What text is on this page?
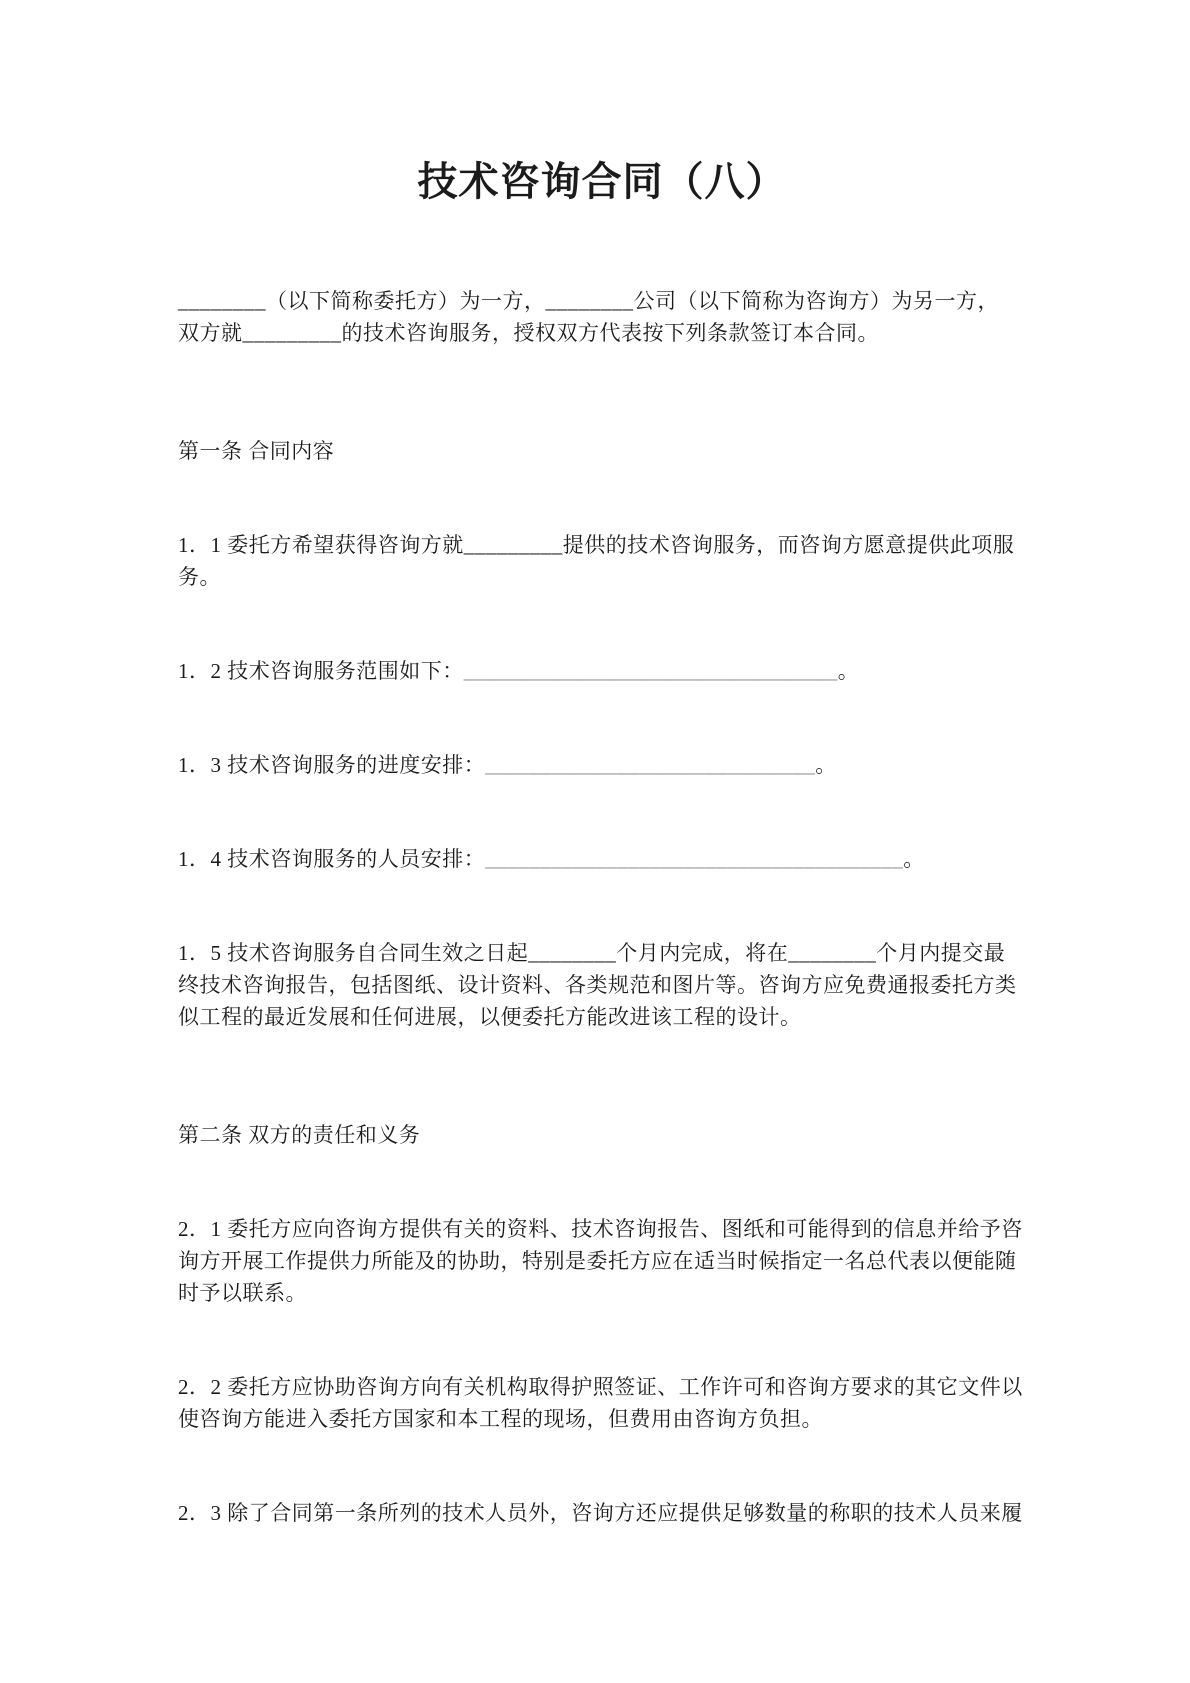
技术咨询合同（八）
________（以下简称委托方）为一方，________公司（以下简称为咨询方）为另一方，
双方就_________的技术咨询服务，授权双方代表按下列条款签订本合同。
第一条 合同内容
1．1 委托方希望获得咨询方就_________提供的技术咨询服务，而咨询方愿意提供此项服
务。
1．2 技术咨询服务范围如下：__________________________________。
1．3 技术咨询服务的进度安排：______________________________。
1．4 技术咨询服务的人员安排：______________________________________。
1．5 技术咨询服务自合同生效之日起________个月内完成，将在________个月内提交最
终技术咨询报告，包括图纸、设计资料、各类规范和图片等。咨询方应免费通报委托方类
似工程的最近发展和任何进展，以便委托方能改进该工程的设计。
第二条 双方的责任和义务
2．1 委托方应向咨询方提供有关的资料、技术咨询报告、图纸和可能得到的信息并给予咨
询方开展工作提供力所能及的协助，特别是委托方应在适当时候指定一名总代表以便能随
时予以联系。
2．2 委托方应协助咨询方向有关机构取得护照签证、工作许可和咨询方要求的其它文件以
使咨询方能进入委托方国家和本工程的现场，但费用由咨询方负担。
2．3 除了合同第一条所列的技术人员外，咨询方还应提供足够数量的称职的技术人员来履
